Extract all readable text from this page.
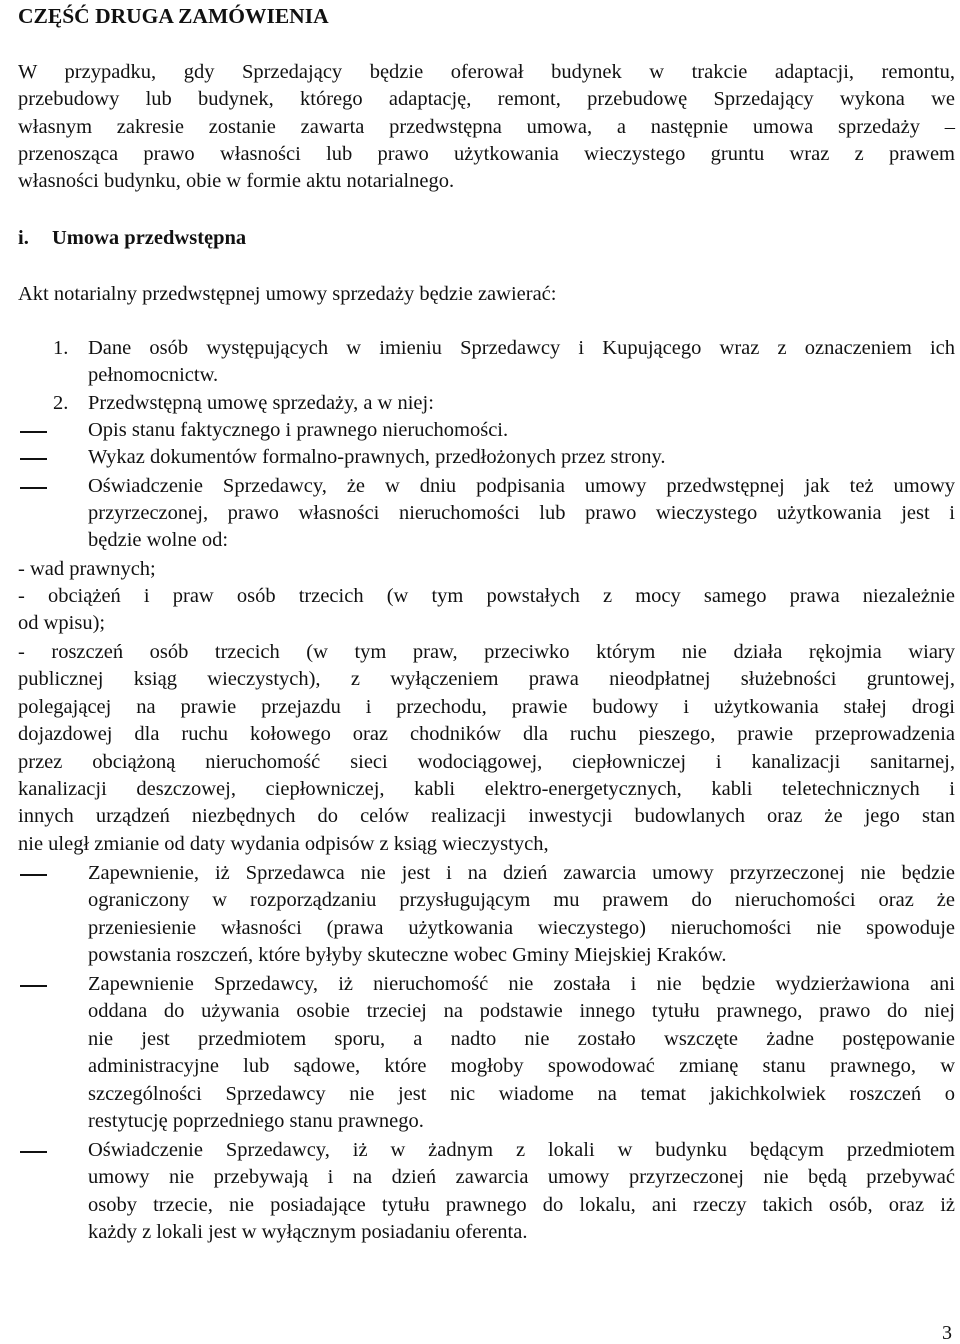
CZĘŚĆ DRUGA ZAMÓWIENIA
W przypadku, gdy Sprzedający będzie oferował budynek w trakcie adaptacji, remontu,
przebudowy lub budynek, którego adaptację, remont, przebudowę Sprzedający wykona we
własnym zakresie zostanie zawarta przedwstępna umowa, a następnie umowa sprzedaży –
przenosząca prawo własności lub prawo użytkowania wieczystego gruntu wraz z prawem
własności budynku, obie w formie aktu notarialnego.
i. Umowa przedwstępna
Akt notarialny przedwstępnej umowy sprzedaży będzie zawierać:
1. Dane osób występujących w imieniu Sprzedawcy i Kupującego wraz z oznaczeniem ich
pełnomocnictw.
2. Przedwstępną umowę sprzedaży, a w niej:
Opis stanu faktycznego i prawnego nieruchomości.
Wykaz dokumentów formalno-prawnych, przedłożonych przez strony.
Oświadczenie Sprzedawcy, że w dniu podpisania umowy przedwstępnej jak też umowy
przyrzeczonej, prawo własności nieruchomości lub prawo wieczystego użytkowania jest i
będzie wolne od:
- wad prawnych;
- obciążeń i praw osób trzecich (w tym powstałych z mocy samego prawa niezależnie
od wpisu);
- roszczeń osób trzecich (w tym praw, przeciwko którym nie działa rękojmia wiary
publicznej ksiąg wieczystych), z wyłączeniem prawa nieodpłatnej służebności gruntowej,
polegającej na prawie przejazdu i przechodu, prawie budowy i użytkowania stałej drogi
dojazdowej dla ruchu kołowego oraz chodników dla ruchu pieszego, prawie przeprowadzenia
przez obciążoną nieruchomość sieci wodociągowej, ciepłowniczej i kanalizacji sanitarnej,
kanalizacji deszczowej, ciepłowniczej, kabli elektro-energetycznych, kabli teletechnicznych i
innych urządzeń niezbędnych do celów realizacji inwestycji budowlanych oraz że jego stan
nie uległ zmianie od daty wydania odpisów z ksiąg wieczystych,
Zapewnienie, iż Sprzedawca nie jest i na dzień zawarcia umowy przyrzeczonej nie będzie
ograniczony w rozporządzaniu przysługującym mu prawem do nieruchomości oraz że
przeniesienie własności (prawa użytkowania wieczystego) nieruchomości nie spowoduje
powstania roszczeń, które byłyby skuteczne wobec Gminy Miejskiej Kraków.
Zapewnienie Sprzedawcy, iż nieruchomość nie została i nie będzie wydzierżawiona ani
oddana do używania osobie trzeciej na podstawie innego tytułu prawnego, prawo do niej
nie jest przedmiotem sporu, a nadto nie zostało wszczęte żadne postępowanie
administracyjne lub sądowe, które mogłoby spowodować zmianę stanu prawnego, w
szczególności Sprzedawcy nie jest nic wiadome na temat jakichkolwiek roszczeń o
restytucję poprzedniego stanu prawnego.
Oświadczenie Sprzedawcy, iż w żadnym z lokali w budynku będącym przedmiotem
umowy nie przebywają i na dzień zawarcia umowy przyrzeczonej nie będą przebywać
osoby trzecie, nie posiadające tytułu prawnego do lokalu, ani rzeczy takich osób, oraz iż
każdy z lokali jest w wyłącznym posiadaniu oferenta.
3
